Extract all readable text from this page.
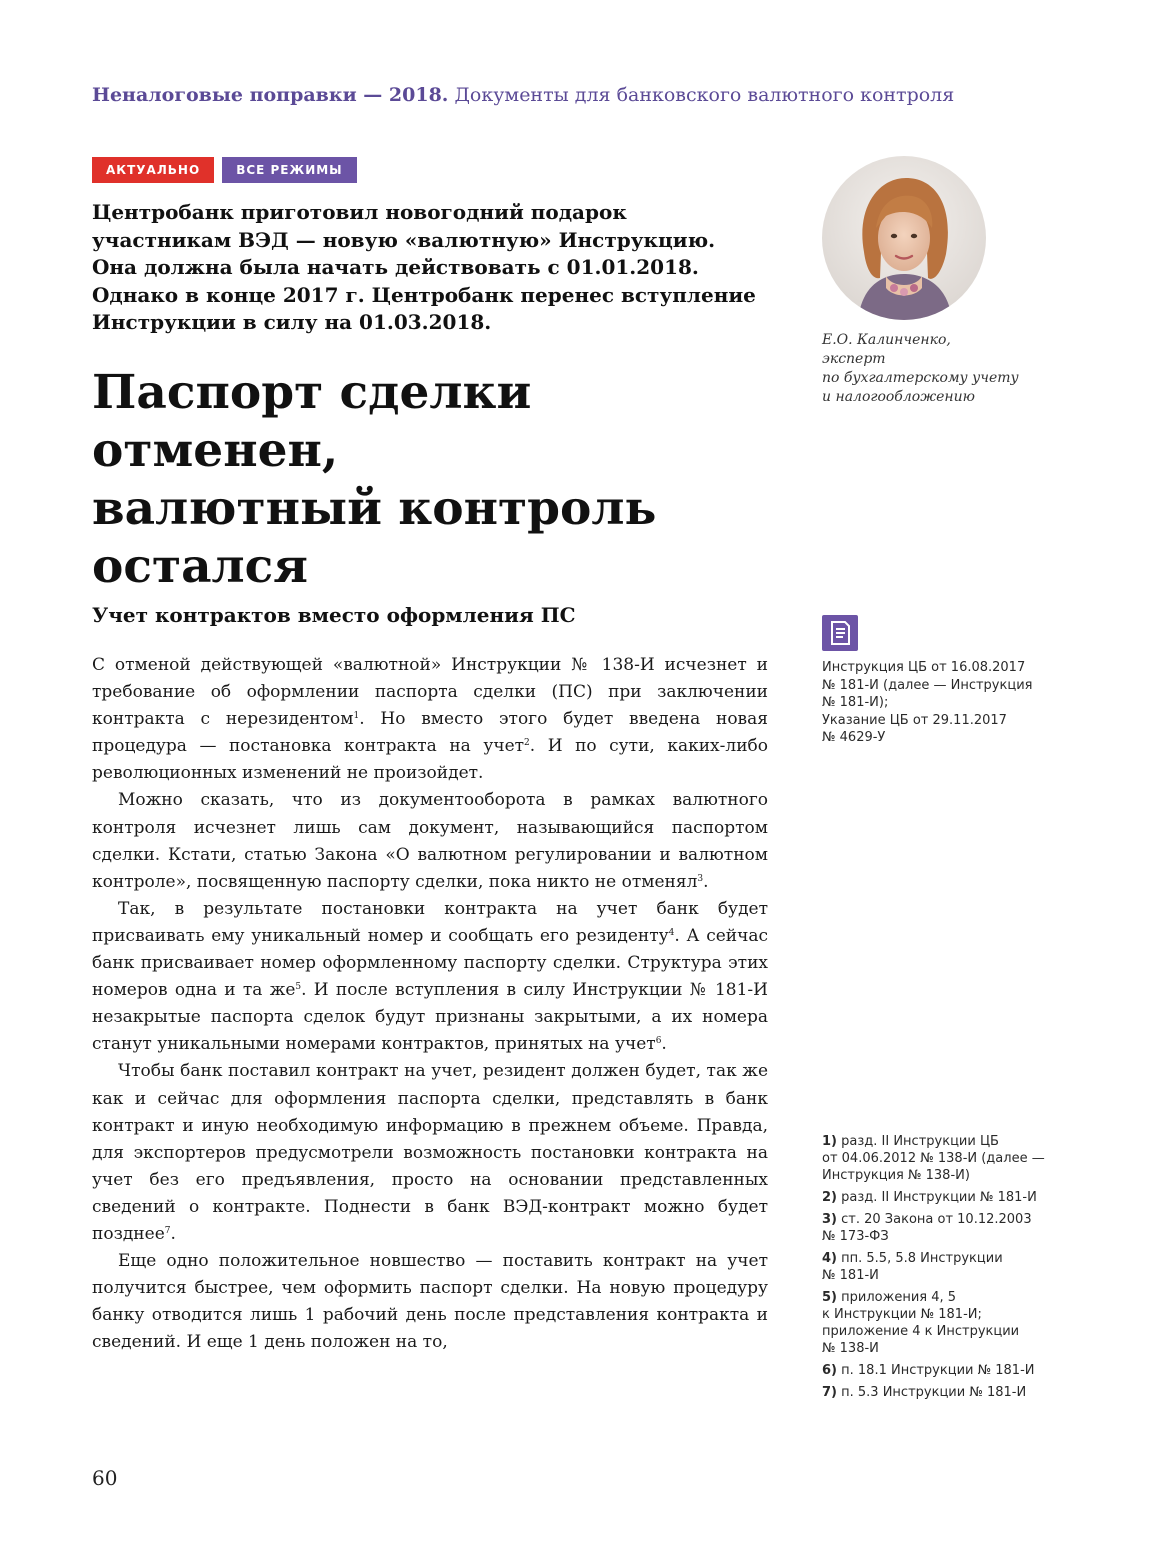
Неналоговые поправки — 2018. Документы для банковского валютного контроля
АКТУАЛЬНО	ВСЕ РЕЖИМЫ
Центробанк приготовил новогодний подарок
участникам ВЭД — новую «валютную» Инструкцию.
Она должна была начать действовать с 01.01.2018.
Однако в конце 2017 г. Центробанк перенес вступление
Инструкции в силу на 01.03.2018.
Паспорт сделки отменен,
валютный контроль
остался
Е.О. Калинченко,
эксперт
по бухгалтерскому учету
и налогообложению
Учет контрактов вместо оформления ПС

С отменой действующей «валютной» Инструкции № 138-И исчезнет и требование об оформлении паспорта сделки (ПС) при заключении контракта с нерезидентом$^1$. Но вместо этого будет введена новая процедура — постановка контракта на учет$^2$. И по сути, каких-либо революционных изменений не произойдет.

Можно сказать, что из документооборота в рамках валютного контроля исчезнет лишь сам документ, называющийся паспортом сделки. Кстати, статью Закона «О валютном регулировании и валютном контроле», посвященную паспорту сделки, пока никто не отменял$^3$.

Так, в результате постановки контракта на учет банк будет присваивать ему уникальный номер и сообщать его резиденту$^4$. А сейчас банк присваивает номер оформленному паспорту сделки. Структура этих номеров одна и та $же^5$. И после вступления в силу Инструкции № 181-И незакрытые паспорта сделок будут признаны закрытыми, а их номера станут уникальными номерами контрактов, принятых на учет$^6$.

Чтобы банк поставил контракт на учет, резидент должен будет, так же как и сейчас для оформления паспорта сделки, представлять в банк контракт и иную необходимую информацию в прежнем объеме. Правда, для экспортеров предусмотрели возможность постановки контракта на учет без его предъявления, просто на основании представленных сведений о контракте. Поднести в банк ВЭД-контракт можно будет позднее$^7$.

Еще одно положительное новшество — поставить контракт на учет получится быстрее, чем оформить паспорт сделки. На новую процедуру банку отводится лишь 1 рабочий день после представления контракта и сведений. И еще 1 день положен на то,

Инструкция ЦБ от 16.08.2017
№ 181-И (далее — Инструкция
№ 181-И);
Указание ЦБ от 29.11.2017
№ 4629-У
1) разд. II Инструкции ЦБ
от 04.06.2012 № 138-И (далее —
Инструкция № 138-И)
2) разд. II Инструкции № 181-И
3) ст. 20 Закона от 10.12.2003
№ 173-ФЗ
4) пп. 5.5, 5.8 Инструкции
№ 181-И
5) приложения 4, 5
к Инструкции № 181-И;
приложение 4 к Инструкции
№ 138-И
6) п. 18.1 Инструкции № 181-И
7) п. 5.3 Инструкции № 181-И
60
